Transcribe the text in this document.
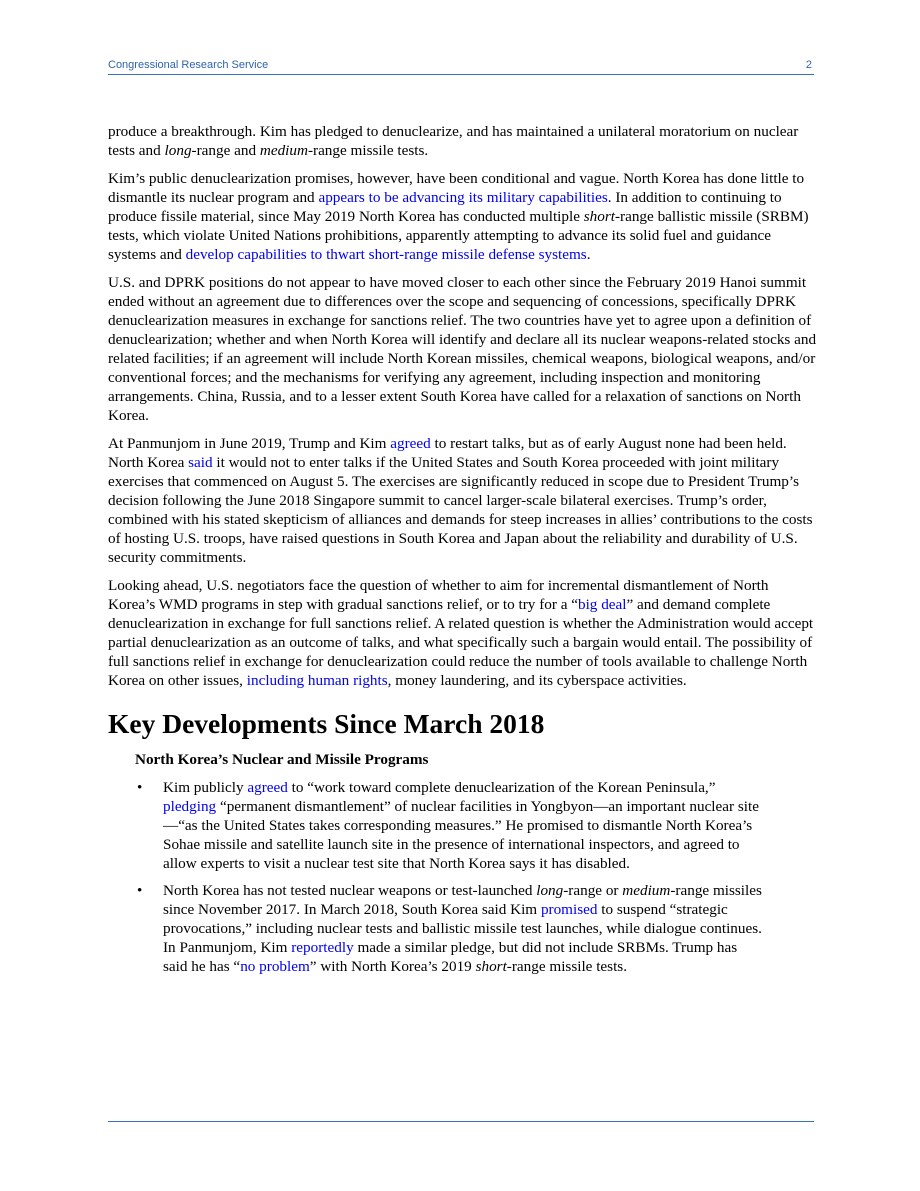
Congressional Research Service	2

produce a breakthrough. Kim has pledged to denuclearize, and has maintained a unilateral moratorium on nuclear tests and long-range and medium-range missile tests.

Kim’s public denuclearization promises, however, have been conditional and vague. North Korea has done little to dismantle its nuclear program and appears to be advancing its military capabilities. In addition to continuing to produce fissile material, since May 2019 North Korea has conducted multiple short-range ballistic missile (SRBM) tests, which violate United Nations prohibitions, apparently attempting to advance its solid fuel and guidance systems and develop capabilities to thwart short-range missile defense systems.

U.S. and DPRK positions do not appear to have moved closer to each other since the February 2019 Hanoi summit ended without an agreement due to differences over the scope and sequencing of concessions, specifically DPRK denuclearization measures in exchange for sanctions relief. The two countries have yet to agree upon a definition of denuclearization; whether and when North Korea will identify and declare all its nuclear weapons-related stocks and related facilities; if an agreement will include North Korean missiles, chemical weapons, biological weapons, and/or conventional forces; and the mechanisms for verifying any agreement, including inspection and monitoring arrangements. China, Russia, and to a lesser extent South Korea have called for a relaxation of sanctions on North Korea.

At Panmunjom in June 2019, Trump and Kim agreed to restart talks, but as of early August none had been held. North Korea said it would not to enter talks if the United States and South Korea proceeded with joint military exercises that commenced on August 5. The exercises are significantly reduced in scope due to President Trump’s decision following the June 2018 Singapore summit to cancel larger-scale bilateral exercises. Trump’s order, combined with his stated skepticism of alliances and demands for steep increases in allies’ contributions to the costs of hosting U.S. troops, have raised questions in South Korea and Japan about the reliability and durability of U.S. security commitments.

Looking ahead, U.S. negotiators face the question of whether to aim for incremental dismantlement of North Korea’s WMD programs in step with gradual sanctions relief, or to try for a “big deal” and demand complete denuclearization in exchange for full sanctions relief. A related question is whether the Administration would accept partial denuclearization as an outcome of talks, and what specifically such a bargain would entail. The possibility of full sanctions relief in exchange for denuclearization could reduce the number of tools available to challenge North Korea on other issues, including human rights, money laundering, and its cyberspace activities.

Key Developments Since March 2018
North Korea’s Nuclear and Missile Programs
• Kim publicly agreed to “work toward complete denuclearization of the Korean Peninsula,” pledging “permanent dismantlement” of nuclear facilities in Yongbyon—an important nuclear site—“as the United States takes corresponding measures.” He promised to dismantle North Korea’s Sohae missile and satellite launch site in the presence of international inspectors, and agreed to allow experts to visit a nuclear test site that North Korea says it has disabled.
• North Korea has not tested nuclear weapons or test-launched long-range or medium-range missiles since November 2017. In March 2018, South Korea said Kim promised to suspend “strategic provocations,” including nuclear tests and ballistic missile test launches, while dialogue continues. In Panmunjom, Kim reportedly made a similar pledge, but did not include SRBMs. Trump has said he has “no problem” with North Korea’s 2019 short-range missile tests.
